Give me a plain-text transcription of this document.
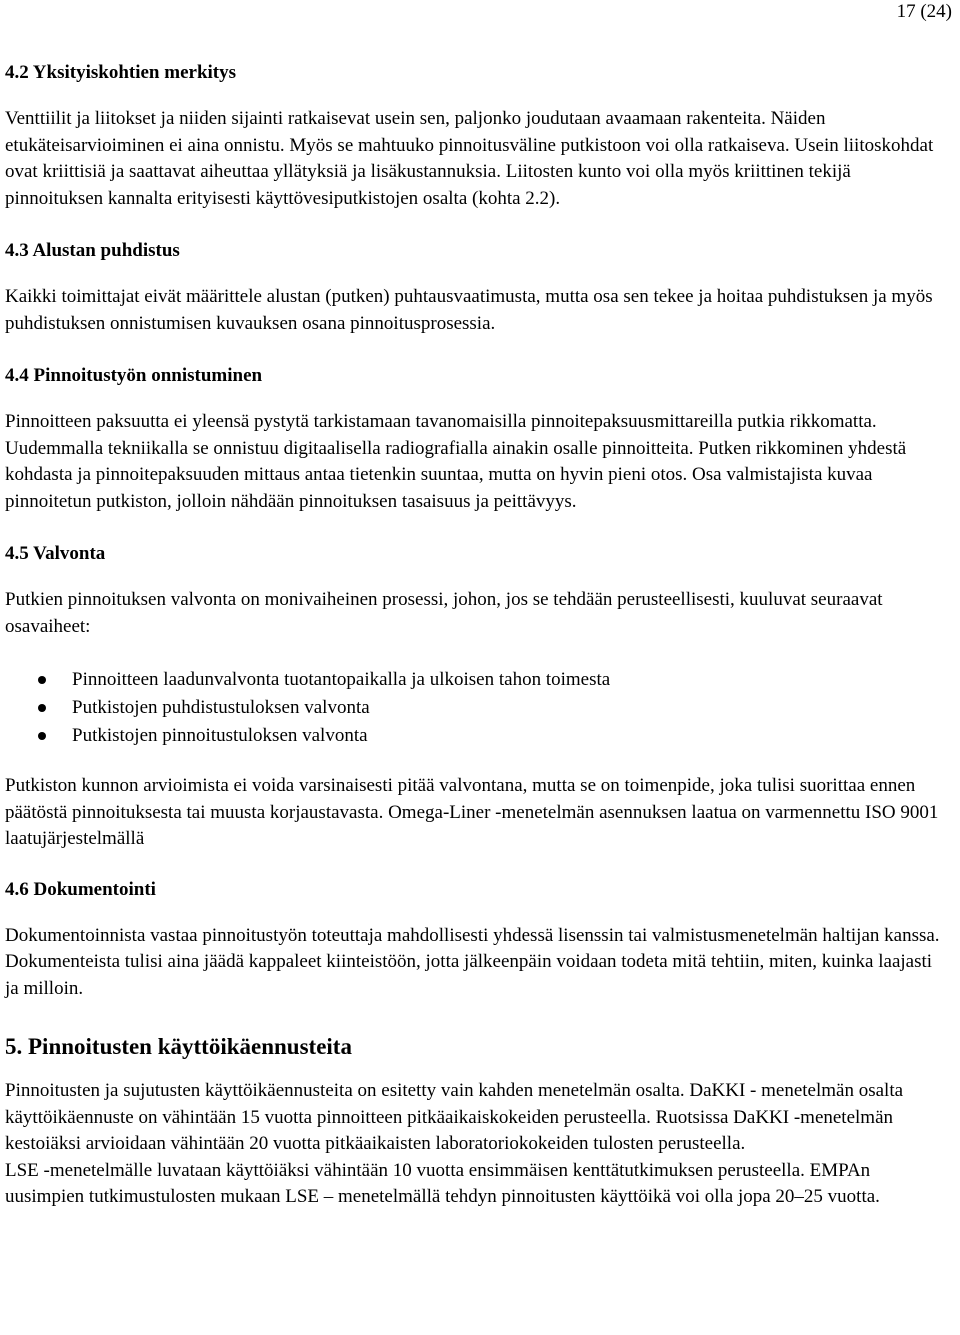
17 (24)

4.2 Yksityiskohtien merkitys

Venttiilit ja liitokset ja niiden sijainti ratkaisevat usein sen, paljonko joudutaan avaamaan rakenteita. Näiden etukäteisarvioiminen ei aina onnistu. Myös se mahtuuko pinnoitusväline putkistoon voi olla ratkaiseva. Usein liitoskohdat ovat kriittisiä ja saattavat aiheuttaa yllätyksiä ja lisäkustannuksia. Liitosten kunto voi olla myös kriittinen tekijä pinnoituksen kannalta erityisesti käyttövesiputkistojen osalta (kohta 2.2).

4.3 Alustan puhdistus

Kaikki toimittajat eivät määrittele alustan (putken) puhtausvaatimusta, mutta osa sen tekee ja hoitaa puhdistuksen ja myös puhdistuksen onnistumisen kuvauksen osana pinnoitusprosessia.

4.4 Pinnoitustyön onnistuminen

Pinnoitteen paksuutta ei yleensä pystytä tarkistamaan tavanomaisilla pinnoitepaksuusmittareilla putkia rikkomatta. Uudemmalla tekniikalla se onnistuu digitaalisella radiografialla ainakin osalle pinnoitteita. Putken rikkominen yhdestä kohdasta ja pinnoitepaksuuden mittaus antaa tietenkin suuntaa, mutta on hyvin pieni otos. Osa valmistajista kuvaa pinnoitetun putkiston, jolloin nähdään pinnoituksen tasaisuus ja peittävyys.

4.5 Valvonta

Putkien pinnoituksen valvonta on monivaiheinen prosessi, johon, jos se tehdään perusteellisesti, kuuluvat seuraavat osavaiheet:

Pinnoitteen laadunvalvonta tuotantopaikalla ja ulkoisen tahon toimesta
Putkistojen puhdistustuloksen valvonta
Putkistojen pinnoitustuloksen valvonta

Putkiston kunnon arvioimista ei voida varsinaisesti pitää valvontana, mutta se on toimenpide, joka tulisi suorittaa ennen päätöstä pinnoituksesta tai muusta korjaustavasta. Omega-Liner -menetelmän asennuksen laatua on varmennettu ISO 9001 laatujärjestelmällä

4.6 Dokumentointi

Dokumentoinnista vastaa pinnoitustyön toteuttaja mahdollisesti yhdessä lisenssin tai valmistusmenetelmän haltijan kanssa. Dokumenteista tulisi aina jäädä kappaleet kiinteistöön, jotta jälkeenpäin voidaan todeta mitä tehtiin, miten, kuinka laajasti ja milloin.

5. Pinnoitusten käyttöikäennusteita

Pinnoitusten ja sujutusten käyttöikäennusteita on esitetty vain kahden menetelmän osalta. DaKKI - menetelmän osalta käyttöikäennuste on vähintään 15 vuotta pinnoitteen pitkäaikaiskokeiden perusteella. Ruotsissa DaKKI -menetelmän kestoiäksi arvioidaan vähintään 20 vuotta pitkäaikaisten laboratoriokokeiden tulosten perusteella.

LSE -menetelmälle luvataan käyttöiäksi vähintään 10 vuotta ensimmäisen kenttätutkimuksen perusteella. EMPAn uusimpien tutkimustulosten mukaan LSE – menetelmällä tehdyn pinnoitusten käyttöikä voi olla jopa 20–25 vuotta.
